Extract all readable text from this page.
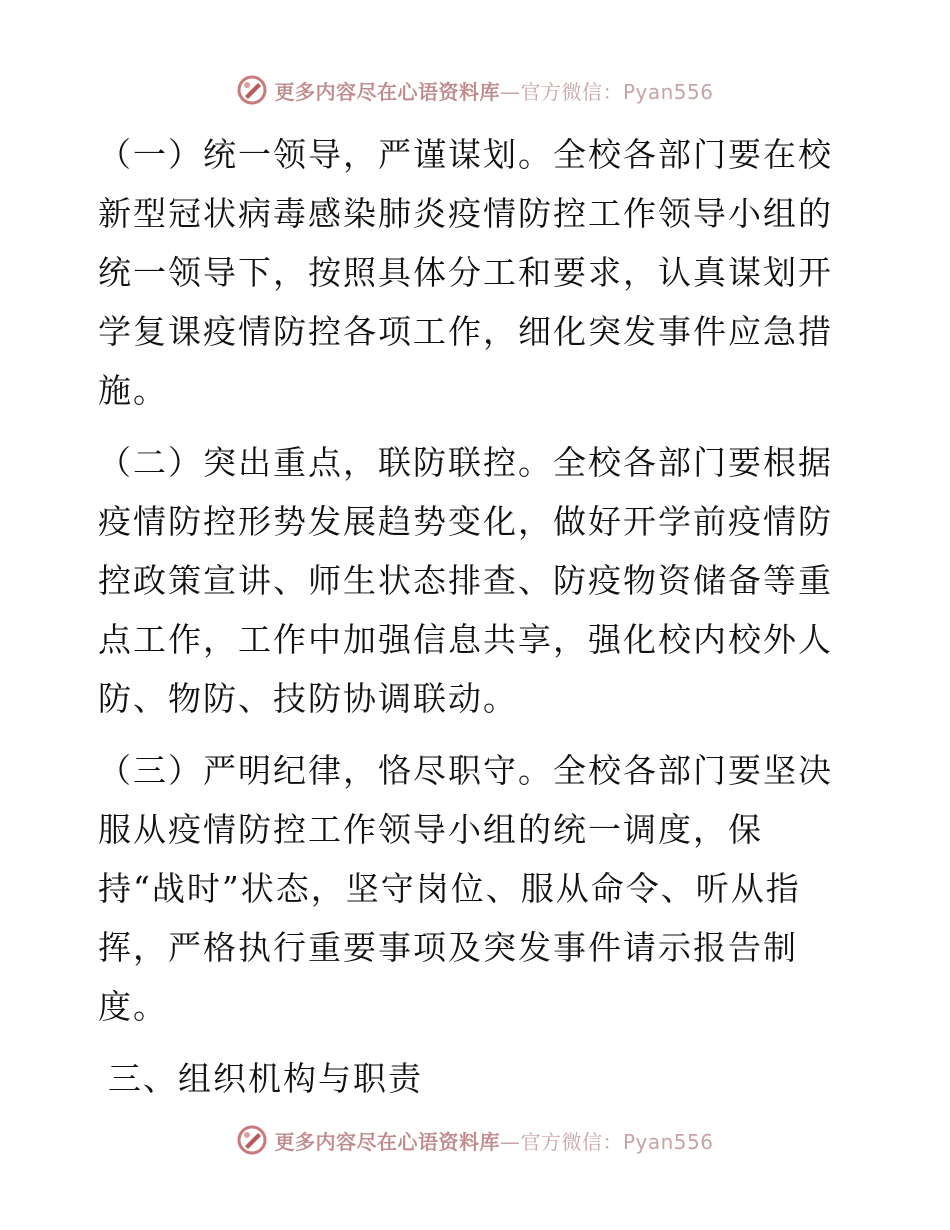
更多内容尽在心语资料库—官方微信：Pyan556

（一）统一领导，严谨谋划。全校各部门要在校新型冠状病毒感染肺炎疫情防控工作领导小组的统一领导下，按照具体分工和要求，认真谋划开学复课疫情防控各项工作，细化突发事件应急措施。

（二）突出重点，联防联控。全校各部门要根据疫情防控形势发展趋势变化，做好开学前疫情防控政策宣讲、师生状态排查、防疫物资储备等重点工作，工作中加强信息共享，强化校内校外人防、物防、技防协调联动。

（三）严明纪律，恪尽职守。全校各部门要坚决服从疫情防控工作领导小组的统一调度，保持“战时”状态，坚守岗位、服从命令、听从指挥，严格执行重要事项及突发事件请示报告制度。

三、组织机构与职责

更多内容尽在心语资料库—官方微信：Pyan556
